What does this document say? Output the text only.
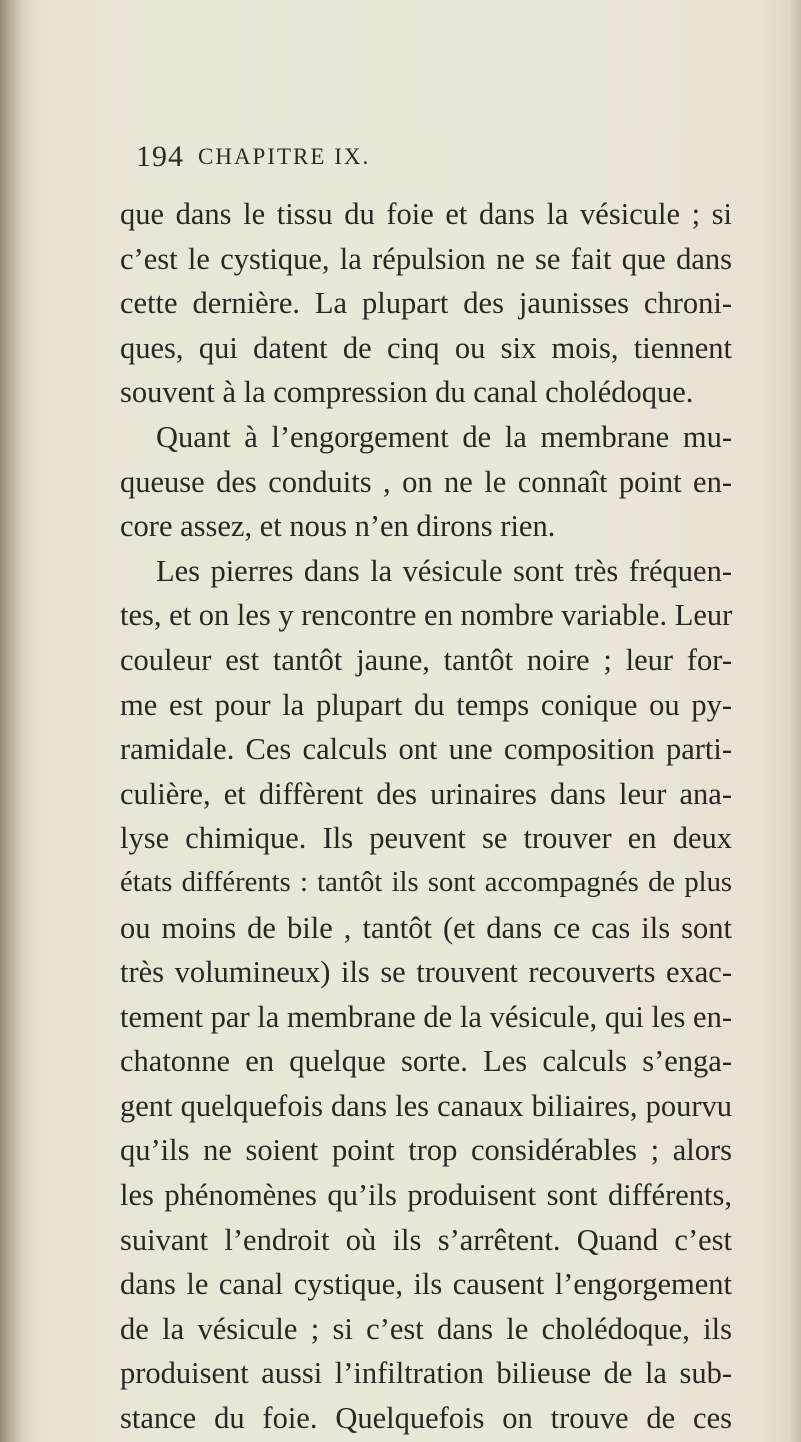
194 CHAPITRE IX.
que dans le tissu du foie et dans la vésicule ; si
c’est le cystique, la répulsion ne se fait que dans
cette dernière. La plupart des jaunisses chroni-
ques, qui datent de cinq ou six mois, tiennent
souvent à la compression du canal cholédoque.
Quant à l’engorgement de la membrane mu-
queuse des conduits , on ne le connaît point en-
core assez, et nous n’en dirons rien.
Les pierres dans la vésicule sont très fréquen-
tes, et on les y rencontre en nombre variable. Leur
couleur est tantôt jaune, tantôt noire ; leur for-
me est pour la plupart du temps conique ou py-
ramidale. Ces calculs ont une composition parti-
culière, et diffèrent des urinaires dans leur ana-
lyse chimique. Ils peuvent se trouver en deux
états différents : tantôt ils sont accompagnés de plus
ou moins de bile , tantôt (et dans ce cas ils sont
très volumineux) ils se trouvent recouverts exac-
tement par la membrane de la vésicule, qui les en-
chatonne en quelque sorte. Les calculs s’enga-
gent quelquefois dans les canaux biliaires, pourvu
qu’ils ne soient point trop considérables ; alors
les phénomènes qu’ils produisent sont différents,
suivant l’endroit où ils s’arrêtent. Quand c’est
dans le canal cystique, ils causent l’engorgement
de la vésicule ; si c’est dans le cholédoque, ils
produisent aussi l’infiltration bilieuse de la sub-
stance du foie. Quelquefois on trouve de ces
